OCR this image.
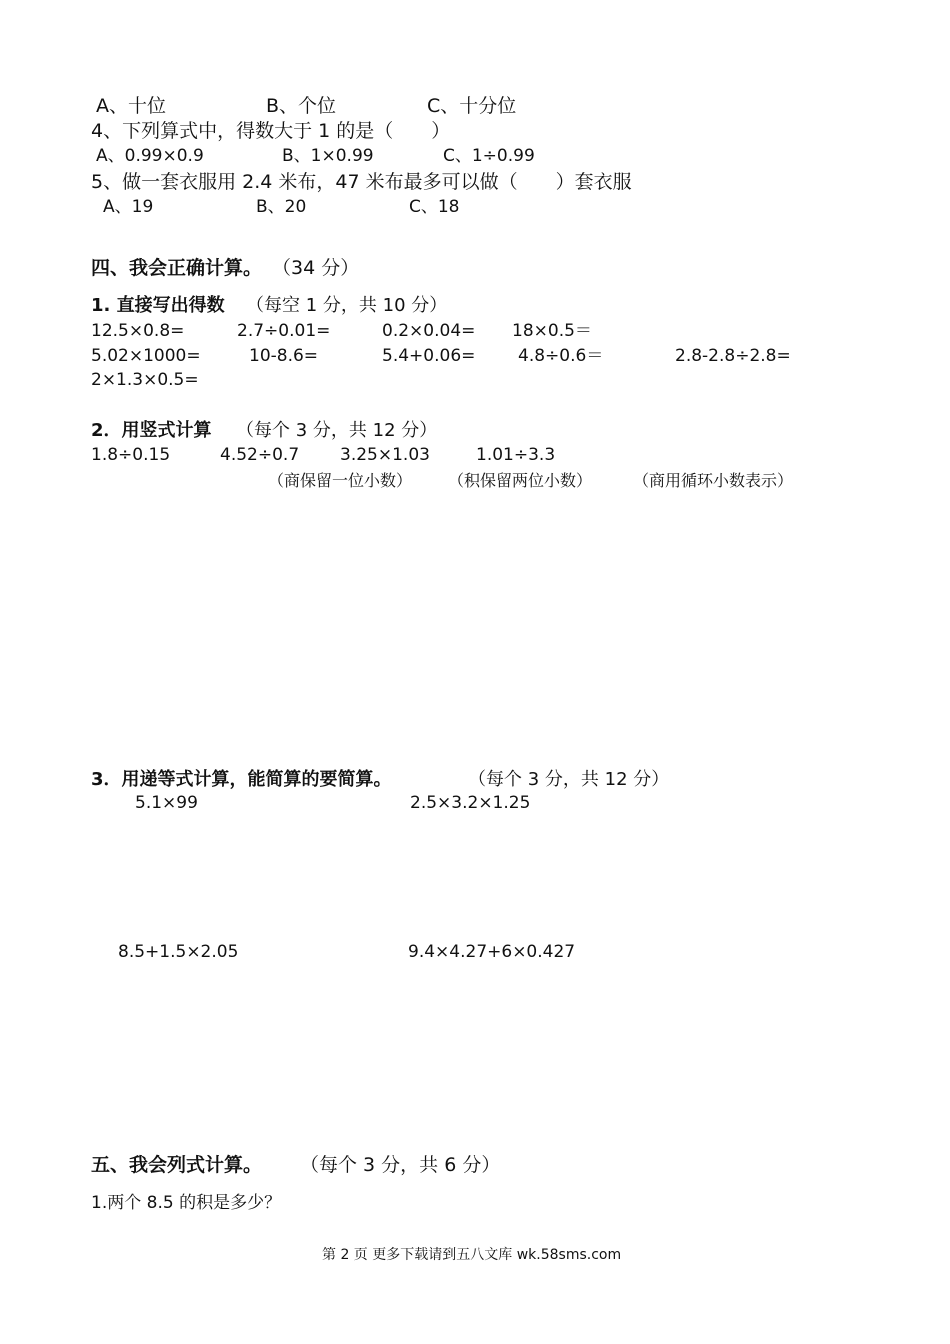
A、十位	B、个位	C、十分位
4、下列算式中，得数大于 1 的是（　　）
A、0.99×0.9	B、1×0.99	C、1÷0.99
5、做一套衣服用 2.4 米布，47 米布最多可以做（　　）套衣服
A、19	B、20	C、18
四、我会正确计算。 （34 分）
1. 直接写出得数 （每空 1 分，共 10 分）
12.5×0.8=	2.7÷0.01=	0.2×0.04= 18×0.5＝
5.02×1000=	10-8.6=	5.4+0.06=	4.8÷0.6＝	2.8-2.8÷2.8=
2×1.3×0.5=
2．用竖式计算 （每个 3 分，共 12 分）
1.8÷0.15	4.52÷0.7 3.25×1.03	1.01÷3.3
（商保留一位小数） （积保留两位小数）	（商用循环小数表示）
3．用递等式计算，能简算的要简算。	（每个 3 分，共 12 分）
5.1×99	2.5×3.2×1.25
8.5+1.5×2.05	9.4×4.27+6×0.427
五、我会列式计算。 （每个 3 分，共 6 分）
1.两个 8.5 的积是多少？
第 2 页 更多下载请到五八文库 wk.58sms.com
